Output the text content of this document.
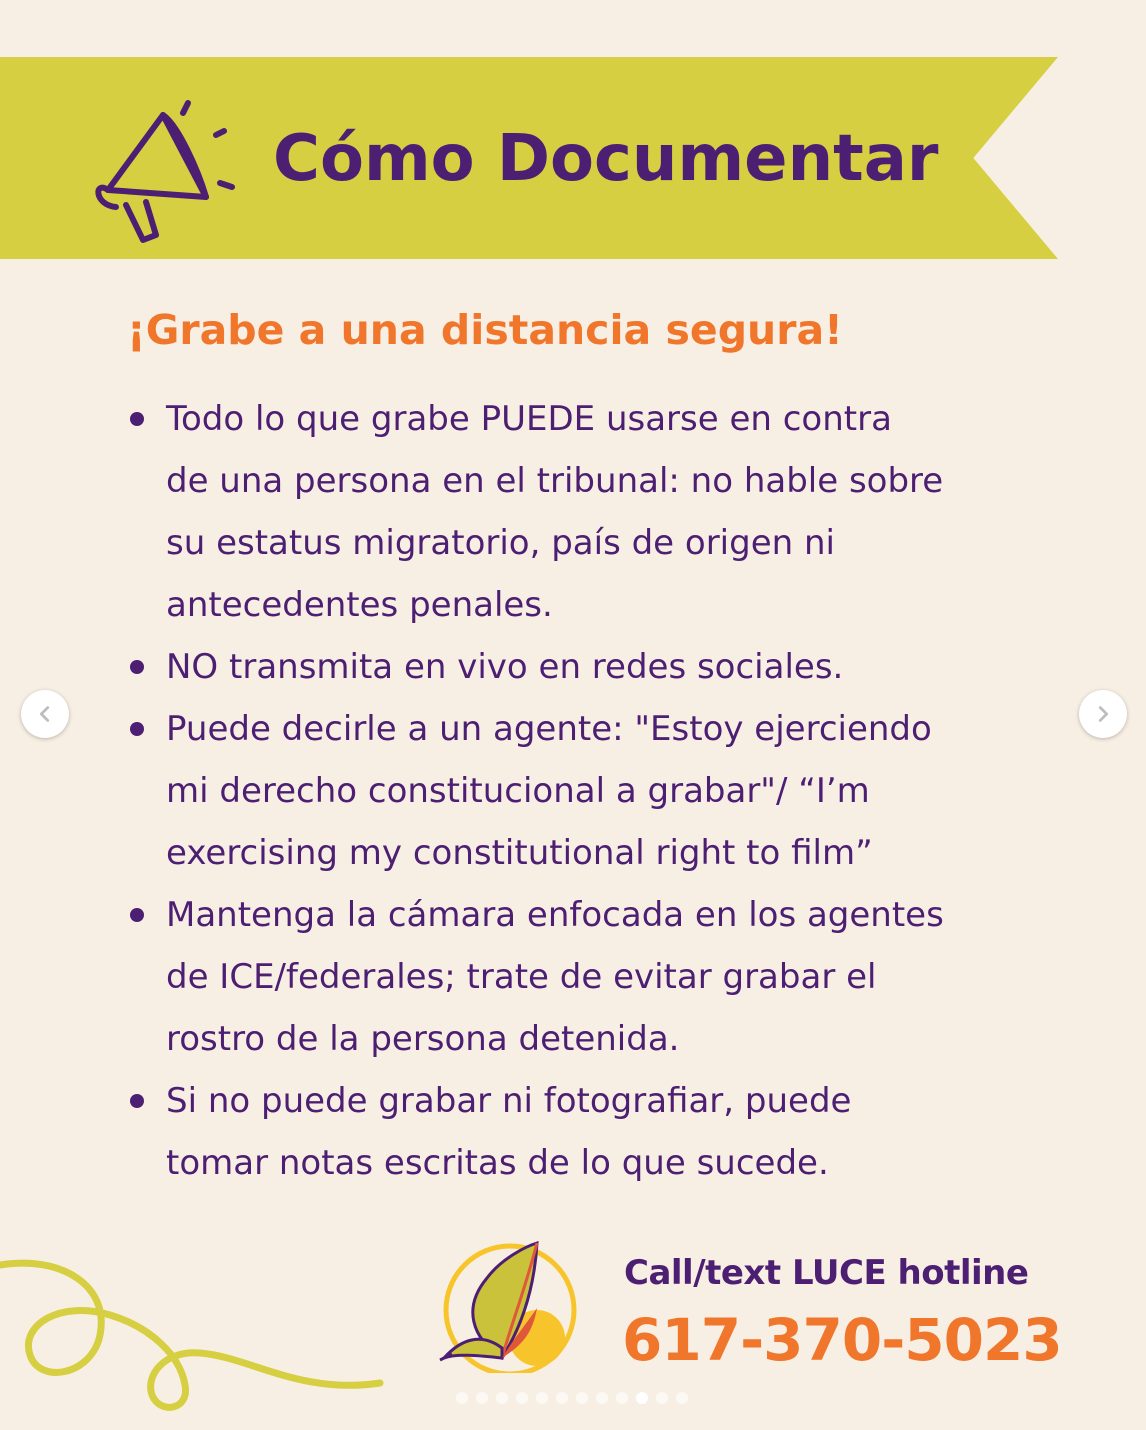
Cómo Documentar
¡Grabe a una distancia segura!
Todo lo que grabe PUEDE usarse en contra
de una persona en el tribunal: no hable sobre
su estatus migratorio, país de origen ni
antecedentes penales.
NO transmita en vivo en redes sociales.
Puede decirle a un agente: "Estoy ejerciendo
mi derecho constitucional a grabar"/ “I’m
exercising my constitutional right to film”
Mantenga la cámara enfocada en los agentes
de ICE/federales; trate de evitar grabar el
rostro de la persona detenida.
Si no puede grabar ni fotografiar, puede
tomar notas escritas de lo que sucede.

Call/text LUCE hotline

617-370-5023
